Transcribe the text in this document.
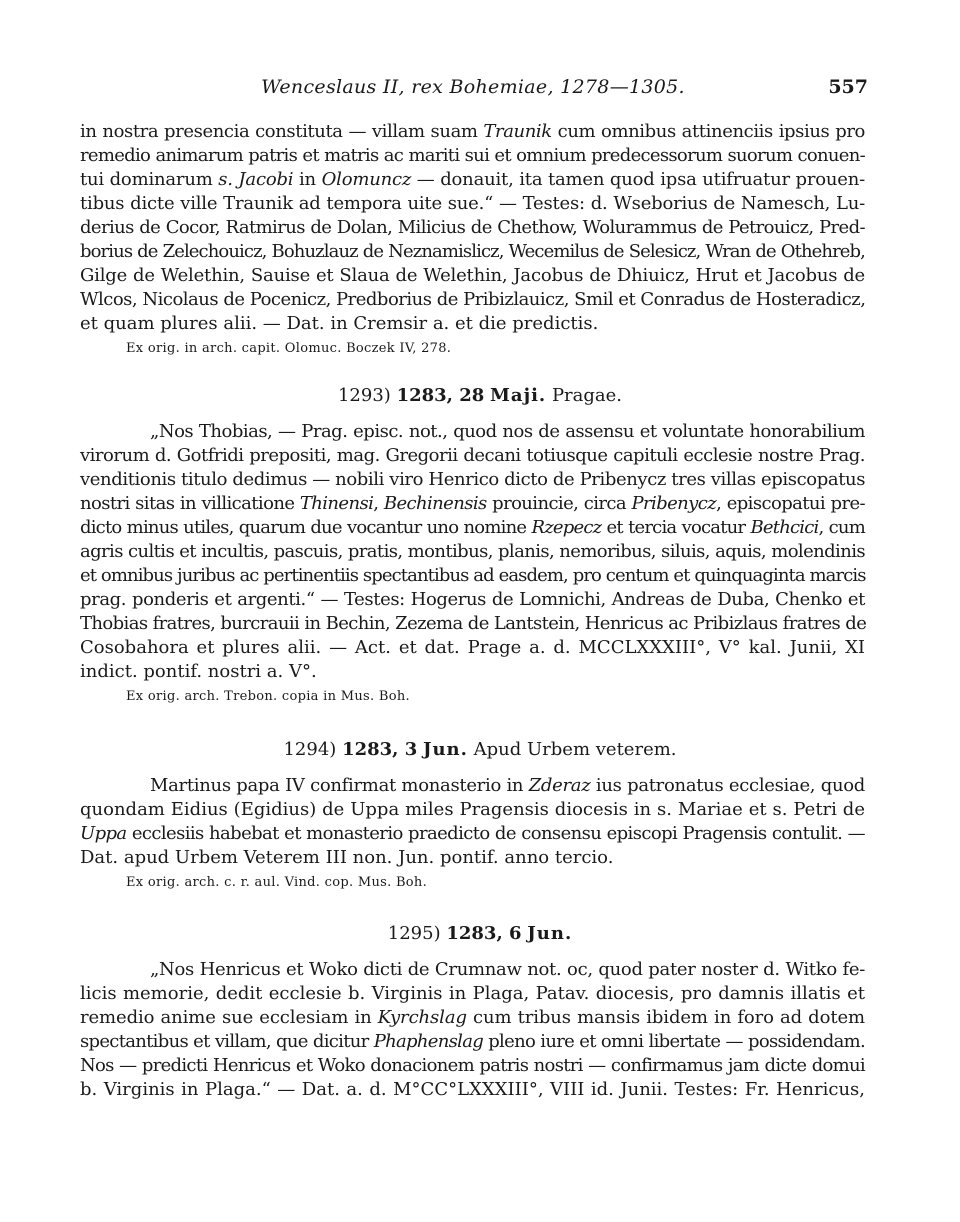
Wenceslaus II, rex Bohemiae, 1278—1305.	557
in nostra presencia constituta — villam suam Traunik cum omnibus attinenciis ipsius pro
remedio animarum patris et matris ac mariti sui et omnium predecessorum suorum conuen-
tui dominarum s. Jacobi in Olomuncz — donauit, ita tamen quod ipsa utifruatur prouen-
tibus dicte ville Traunik ad tempora uite sue.“ — Testes: d. Wseborius de Namesch, Lu-
derius de Cocor, Ratmirus de Dolan, Milicius de Chethow, Wolurammus de Petrouicz, Pred-
borius de Zelechouicz, Bohuzlauz de Neznamislicz, Wecemilus de Selesicz, Wran de Othehreb,
Gilge de Welethin, Sauise et Slaua de Welethin, Jacobus de Dhiuicz, Hrut et Jacobus de
Wlcos, Nicolaus de Pocenicz, Predborius de Pribizlauicz, Smil et Conradus de Hosteradicz,
et quam plures alii. — Dat. in Cremsir a. et die predictis.
Ex orig. in arch. capit. Olomuc. Boczek IV, 278.
1293) 1283, 28 Maji. Pragae.
„Nos Thobias, — Prag. episc. not., quod nos de assensu et voluntate honorabilium
virorum d. Gotfridi prepositi, mag. Gregorii decani totiusque capituli ecclesie nostre Prag.
venditionis titulo dedimus — nobili viro Henrico dicto de Pribenycz tres villas episcopatus
nostri sitas in villicatione Thinensi, Bechinensis prouincie, circa Pribenycz, episcopatui pre-
dicto minus utiles, quarum due vocantur uno nomine Rzepecz et tercia vocatur Bethcici, cum
agris cultis et incultis, pascuis, pratis, montibus, planis, nemoribus, siluis, aquis, molendinis
et omnibus juribus ac pertinentiis spectantibus ad easdem, pro centum et quinquaginta marcis
prag. ponderis et argenti.“ — Testes: Hogerus de Lomnichi, Andreas de Duba, Chenko et
Thobias fratres, burcrauii in Bechin, Zezema de Lantstein, Henricus ac Pribizlaus fratres de
Cosobahora et plures alii. — Act. et dat. Prage a. d. MCCLXXXIII°, V° kal. Junii, XI
indict. pontif. nostri a. V°.
Ex orig. arch. Trebon. copia in Mus. Boh.
1294) 1283, 3 Jun. Apud Urbem veterem.
Martinus papa IV confirmat monasterio in Zderaz ius patronatus ecclesiae, quod
quondam Eidius (Egidius) de Uppa miles Pragensis diocesis in s. Mariae et s. Petri de
Uppa ecclesiis habebat et monasterio praedicto de consensu episcopi Pragensis contulit. —
Dat. apud Urbem Veterem III non. Jun. pontif. anno tercio.
Ex orig. arch. c. r. aul. Vind. cop. Mus. Boh.
1295) 1283, 6 Jun.
„Nos Henricus et Woko dicti de Crumnaw not. oc, quod pater noster d. Witko fe-
licis memorie, dedit ecclesie b. Virginis in Plaga, Patav. diocesis, pro damnis illatis et
remedio anime sue ecclesiam in Kyrchslag cum tribus mansis ibidem in foro ad dotem
spectantibus et villam, que dicitur Phaphenslag pleno iure et omni libertate — possidendam.
Nos — predicti Henricus et Woko donacionem patris nostri — confirmamus jam dicte domui
b. Virginis in Plaga.“ — Dat. a. d. M°CC°LXXXIII°, VIII id. Junii. Testes: Fr. Henricus,
